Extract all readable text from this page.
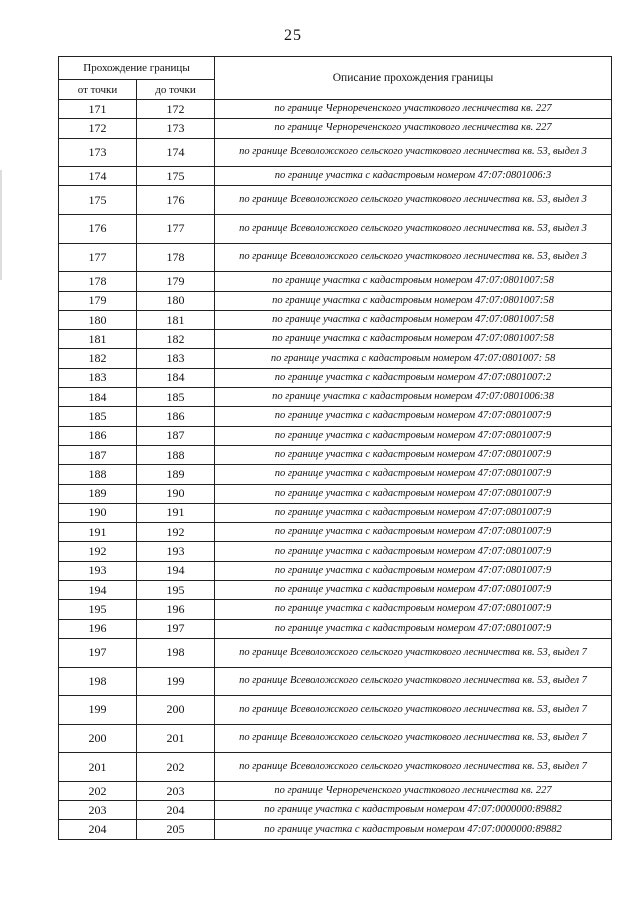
25
Прохождение границы		Описание прохождения границы
от точки	до точки	
171	172	по границе Чернореченского участкового лесничества кв. 227
172	173	по границе Чернореченского участкового лесничества кв. 227
173	174	по границе Всеволожского сельского участкового лесничества кв. 53, выдел 3
174	175	по границе участка с кадастровым номером 47:07:0801006:3
175	176	по границе Всеволожского сельского участкового лесничества кв. 53, выдел 3
176	177	по границе Всеволожского сельского участкового лесничества кв. 53, выдел 3
177	178	по границе Всеволожского сельского участкового лесничества кв. 53, выдел 3
178	179	по границе участка с кадастровым номером 47:07:0801007:58
179	180	по границе участка с кадастровым номером 47:07:0801007:58
180	181	по границе участка с кадастровым номером 47:07:0801007:58
181	182	по границе участка с кадастровым номером 47:07:0801007:58
182	183	по границе участка с кадастровым номером 47:07:0801007: 58
183	184	по границе участка с кадастровым номером 47:07:0801007:2
184	185	по границе участка с кадастровым номером 47:07:0801006:38
185	186	по границе участка с кадастровым номером 47:07:0801007:9
186	187	по границе участка с кадастровым номером 47:07:0801007:9
187	188	по границе участка с кадастровым номером 47:07:0801007:9
188	189	по границе участка с кадастровым номером 47:07:0801007:9
189	190	по границе участка с кадастровым номером 47:07:0801007:9
190	191	по границе участка с кадастровым номером 47:07:0801007:9
191	192	по границе участка с кадастровым номером 47:07:0801007:9
192	193	по границе участка с кадастровым номером 47:07:0801007:9
193	194	по границе участка с кадастровым номером 47:07:0801007:9
194	195	по границе участка с кадастровым номером 47:07:0801007:9
195	196	по границе участка с кадастровым номером 47:07:0801007:9
196	197	по границе участка с кадастровым номером 47:07:0801007:9
197	198	по границе Всеволожского сельского участкового лесничества кв. 53, выдел 7
198	199	по границе Всеволожского сельского участкового лесничества кв. 53, выдел 7
199	200	по границе Всеволожского сельского участкового лесничества кв. 53, выдел 7
200	201	по границе Всеволожского сельского участкового лесничества кв. 53, выдел 7
201	202	по границе Всеволожского сельского участкового лесничества кв. 53, выдел 7
202	203	по границе Чернореченского участкового лесничества кв. 227
203	204	по границе участка с кадастровым номером 47:07:0000000:89882
204	205	по границе участка с кадастровым номером 47:07:0000000:89882
